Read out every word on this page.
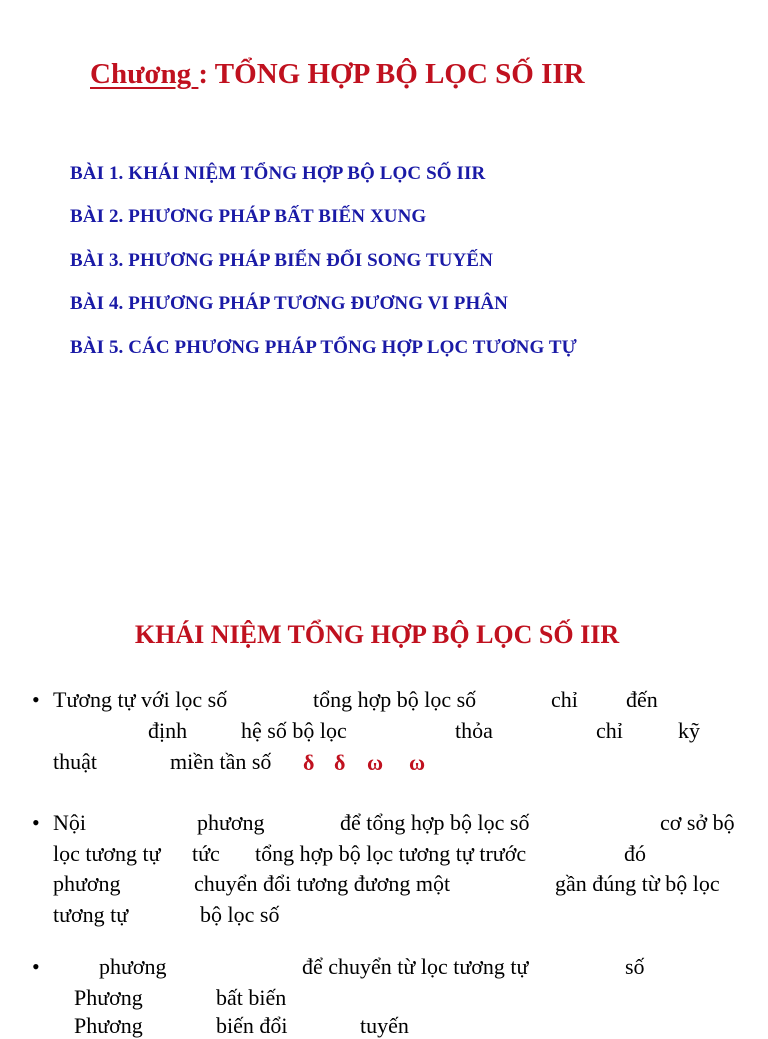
Chương : TỔNG HỢP BỘ LỌC SỐ IIR
BÀI 1. KHÁI NIỆM TỔNG HỢP BỘ LỌC SỐ IIR
BÀI 2. PHƯƠNG PHÁP BẤT BIẾN XUNG
BÀI 3. PHƯƠNG PHÁP BIẾN ĐỔI SONG TUYẾN
BÀI 4. PHƯƠNG PHÁP TƯƠNG ĐƯƠNG VI PHÂN
BÀI 5. CÁC PHƯƠNG PHÁP TỔNG HỢP LỌC TƯƠNG TỰ
KHÁI NIỆM TỔNG HỢP BỘ LỌC SỐ IIR
• Tương tự với lọc số	tổng hợp bộ lọc số	chỉ đến
định hệ số bộ lọc	thỏa	chỉ	kỹ
thuật	miền tần số δ δ ω ω
• Nội	phương	để tổng hợp bộ lọc số	cơ sở bộ
lọc tương tự tức tổng hợp bộ lọc tương tự trước	đó
phương	chuyển đổi tương đương một	gần đúng từ bộ lọc
tương tự	bộ lọc số
•	phương	để chuyển từ lọc tương tự	số
Phương	bất biến
Phương	biến đổi	tuyến
